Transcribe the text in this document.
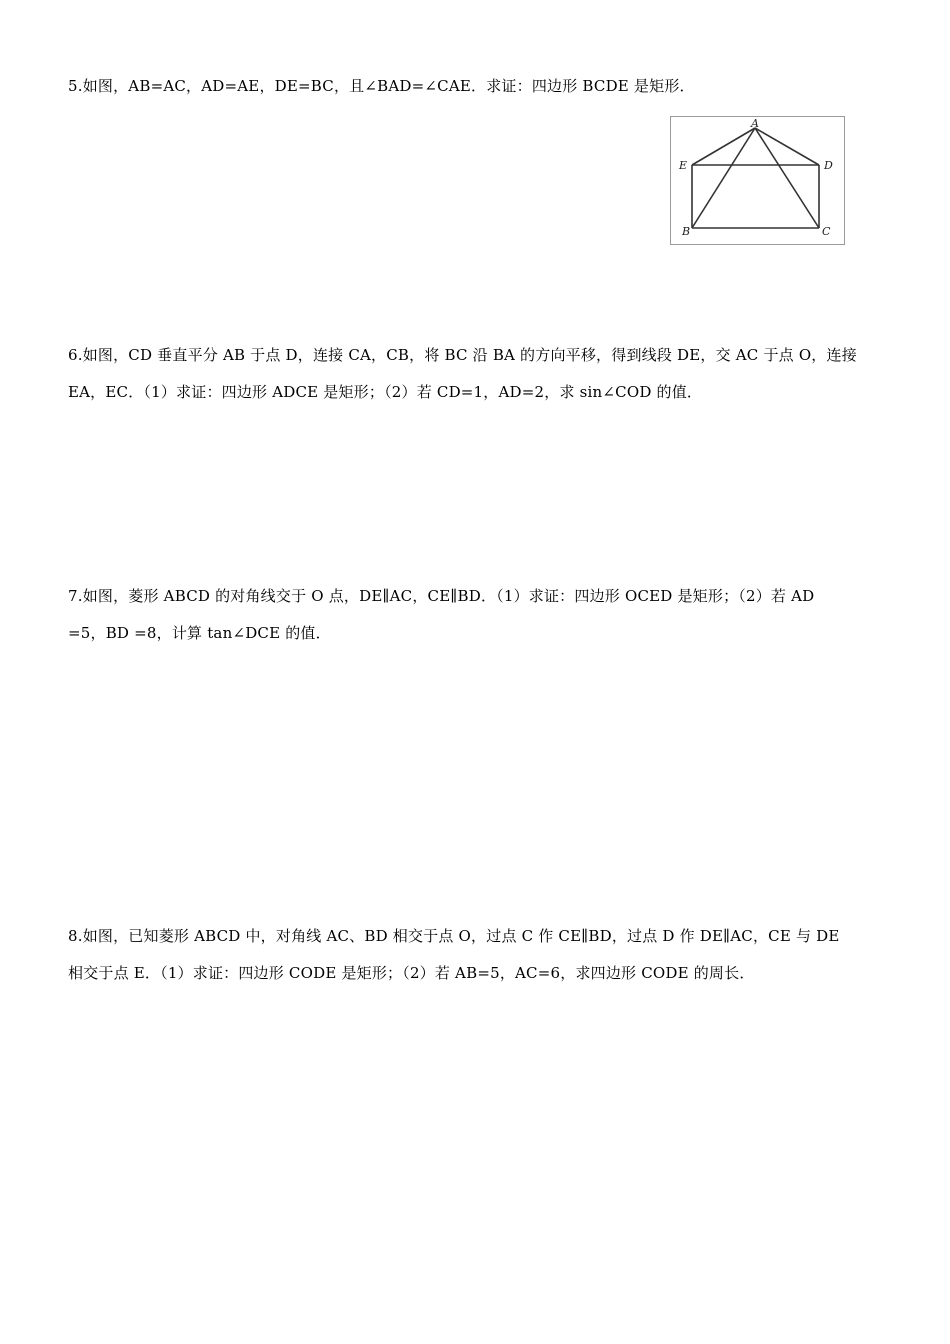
5.如图，AB=AC，AD=AE，DE=BC，且∠BAD=∠CAE．求证：四边形 BCDE 是矩形．
A
E	D
B	C
6.如图，CD 垂直平分 AB 于点 D，连接 CA，CB，将 BC 沿 BA 的方向平移，得到线段 DE，交 AC 于点 O，连接
EA，EC．（1）求证：四边形 ADCE 是矩形；（2）若 CD=1，AD=2，求 sin∠COD 的值．
7.如图，菱形 ABCD 的对角线交于 O 点，DE∥AC，CE∥BD．（1）求证：四边形 OCED 是矩形；（2）若 AD
=5，BD =8，计算 tan∠DCE 的值．
8.如图，已知菱形 ABCD 中，对角线 AC、BD 相交于点 O，过点 C 作 CE∥BD，过点 D 作 DE∥AC，CE 与 DE
相交于点 E．（1）求证：四边形 CODE 是矩形；（2）若 AB=5，AC=6，求四边形 CODE 的周长．
